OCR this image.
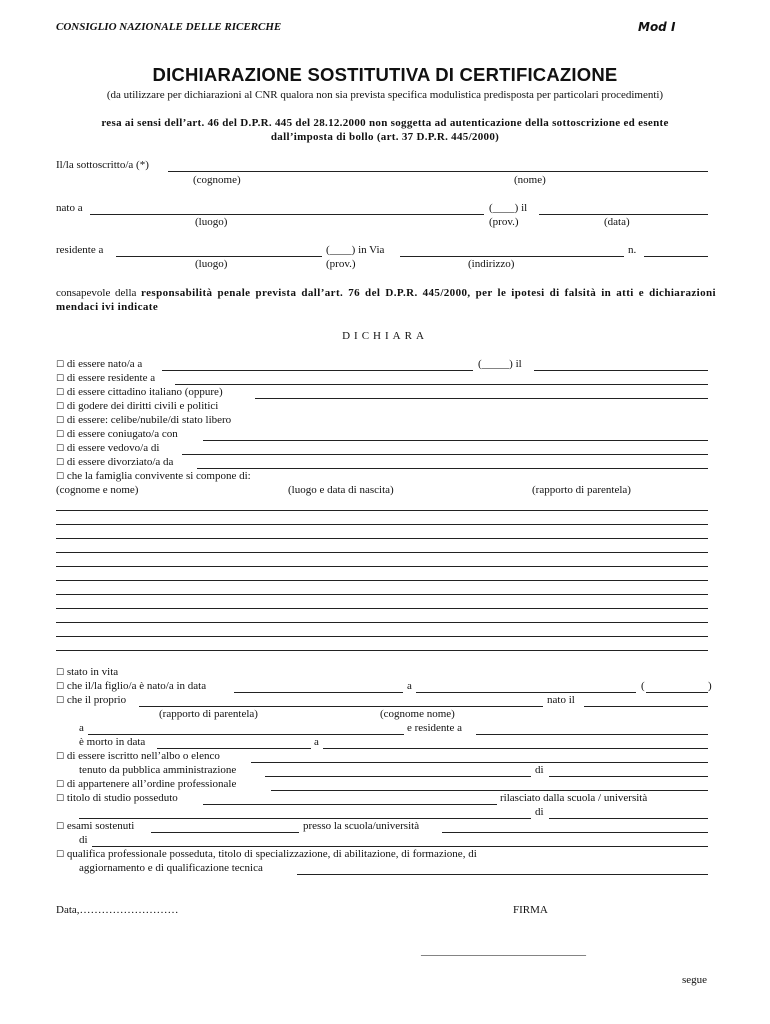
CONSIGLIO NAZIONALE DELLE RICERCHE	Mod I
DICHIARAZIONE SOSTITUTIVA DI CERTIFICAZIONE
(da utilizzare per dichiarazioni al CNR qualora non sia prevista specifica modulistica predisposta per particolari procedimenti)
resa ai sensi dell’art. 46 del D.P.R. 445 del 28.12.2000 non soggetta ad autenticazione della sottoscrizione ed esente
dall’imposta di bollo (art. 37 D.P.R. 445/2000)
Il/la sottoscritto/a (*)
(cognome)	(nome)
nato a	(____) il
(luogo)	(prov.)	(data)
residente a	(____) in Via	n.
(luogo)	(prov.)	(indirizzo)
consapevole della responsabilità penale prevista dall’art. 76 del D.P.R. 445/2000, per le ipotesi di falsità in atti e dichiarazioni mendaci ivi indicate
DICHIARA
☐ di essere nato/a a	(_____) il
☐ di essere residente a
☐ di essere cittadino italiano (oppure)
☐ di godere dei diritti civili e politici
☐ di essere: celibe/nubile/di stato libero
☐ di essere coniugato/a con
☐ di essere vedovo/a di
☐ di essere divorziato/a da
☐ che la famiglia convivente si compone di:
(cognome e nome)	(luogo e data di nascita)	(rapporto di parentela)
☐ stato in vita
☐ che il/la figlio/a è nato/a in data	a	(	)
☐ che il proprio	nato il
(rapporto di parentela)	(cognome nome)
a	e residente a
è morto in data	a
☐ di essere iscritto nell’albo o elenco
tenuto da pubblica amministrazione	di
☐ di appartenere all’ordine professionale
☐ titolo di studio posseduto	rilasciato dalla scuola / università
di
☐ esami sostenuti	presso la scuola/università
di
☐ qualifica professionale posseduta, titolo di specializzazione, di abilitazione, di formazione, di
aggiornamento e di qualificazione tecnica
Data,………………………	FIRMA
______________________________
segue
